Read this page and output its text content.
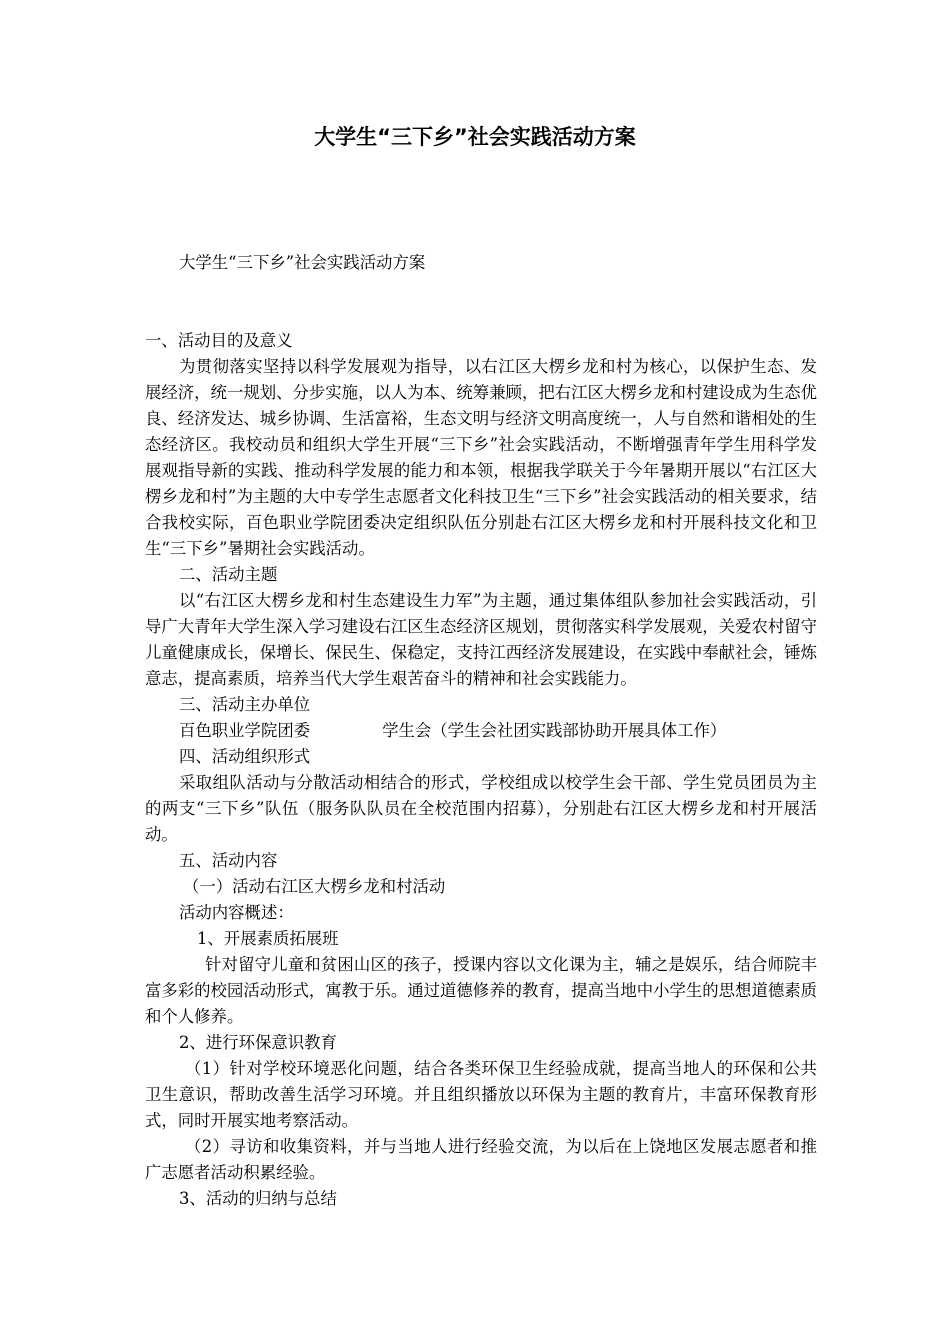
大学生“三下乡”社会实践活动方案

大学生“三下乡”社会实践活动方案

一、活动目的及意义

为贯彻落实坚持以科学发展观为指导，以右江区大楞乡龙和村为核心，以保护生态、发展经济，统一规划、分步实施，以人为本、统筹兼顾，把右江区大楞乡龙和村建设成为生态优良、经济发达、城乡协调、生活富裕，生态文明与经济文明高度统一，人与自然和谐相处的生态经济区。我校动员和组织大学生开展“三下乡”社会实践活动，不断增强青年学生用科学发展观指导新的实践、推动科学发展的能力和本领，根据我学联关于今年暑期开展以“右江区大楞乡龙和村”为主题的大中专学生志愿者文化科技卫生“三下乡”社会实践活动的相关要求，结合我校实际，百色职业学院团委决定组织队伍分别赴右江区大楞乡龙和村开展科技文化和卫生“三下乡”暑期社会实践活动。

二、活动主题

以“右江区大楞乡龙和村生态建设生力军”为主题，通过集体组队参加社会实践活动，引导广大青年大学生深入学习建设右江区生态经济区规划，贯彻落实科学发展观，关爱农村留守儿童健康成长，保增长、保民生、保稳定，支持江西经济发展建设，在实践中奉献社会，锤炼意志，提高素质，培养当代大学生艰苦奋斗的精神和社会实践能力。

三、活动主办单位

百色职业学院团委	学生会（学生会社团实践部协助开展具体工作）

四、活动组织形式

采取组队活动与分散活动相结合的形式，学校组成以校学生会干部、学生党员团员为主的两支“三下乡”队伍（服务队队员在全校范围内招募），分别赴右江区大楞乡龙和村开展活动。

五、活动内容

（一）活动右江区大楞乡龙和村活动

活动内容概述：

1、开展素质拓展班

针对留守儿童和贫困山区的孩子，授课内容以文化课为主，辅之是娱乐，结合师院丰富多彩的校园活动形式，寓教于乐。通过道德修养的教育，提高当地中小学生的思想道德素质和个人修养。

2、进行环保意识教育

（1）针对学校环境恶化问题，结合各类环保卫生经验成就，提高当地人的环保和公共卫生意识，帮助改善生活学习环境。并且组织播放以环保为主题的教育片，丰富环保教育形式，同时开展实地考察活动。

（2）寻访和收集资料，并与当地人进行经验交流，为以后在上饶地区发展志愿者和推广志愿者活动积累经验。

3、活动的归纳与总结
